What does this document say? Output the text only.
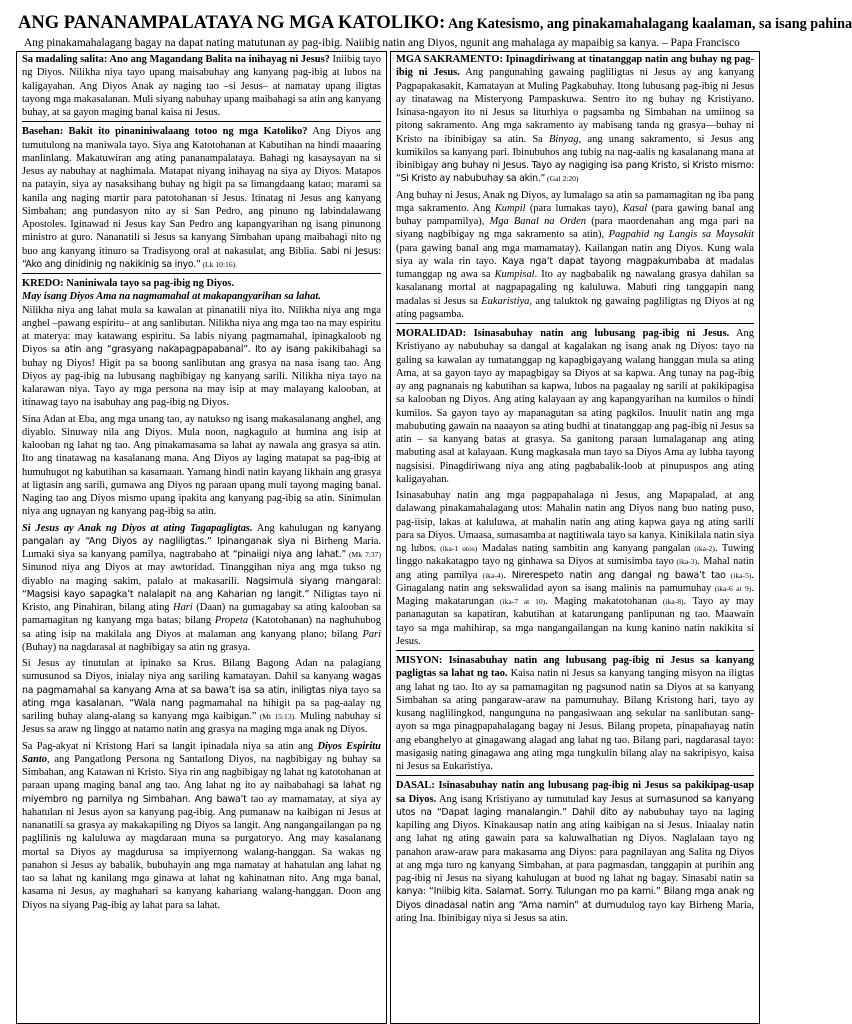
ANG PANANAMPALATAYA NG MGA KATOLIKO: Ang Katesismo, ang pinakamahalagang kaalaman, sa isang pahina
Ang pinakamahalagang bagay na dapat nating matutunan ay pag-ibig. Naiibig natin ang Diyos, ngunit ang mahalaga ay mapaibig sa kanya. – Papa Francisco

Sa madaling salita: Ano ang Magandang Balita na inihayag ni Jesus? Iniibig tayo ng Diyos. Nilikha niya tayo upang maisabuhay ang kanyang pag-ibig at lubos na kaligayahan. Ang Diyos Anak ay naging tao –si Jesus– at namatay upang iligtas tayong mga makasalanan. Muli siyang nabuhay upang maibahagi sa atin ang kanyang buhay, at sa gayon maging banal kaisa ni Jesus.

Basehan: Bakit ito pinaniniwalaang totoo ng mga Katoliko? Ang Diyos ang tumutulong na maniwala tayo. Siya ang Katotohanan at Kabutihan na hindi maaaring manlinlang. Makatuwiran ang ating pananampalataya. Bahagi ng kasaysayan na si Jesus ay nabuhay at naghimala. Matapat niyang inihayag na siya ay Diyos. Matapos na patayin, siya ay nasaksihang buhay ng higit pa sa limangdaang katao; marami sa kanila ang naging martir para patotohanan si Jesus. Itinatag ni Jesus ang kanyang Simbahan; ang pundasyon nito ay si San Pedro, ang pinuno ng labindalawang Apostoles. Iginawad ni Jesus kay San Pedro ang kapangyarihan ng isang pinunong ministro at guro. Nananatili si Jesus sa kanyang Simbahan upang maibahagi nito ng buo ang kanyang itinuro sa Tradisyong oral at nakasulat, ang Biblia. Sabi ni Jesus: “Ako ang dinidinig ng nakikinig sa inyo.” (Lk 10:16).

KREDO: Naniniwala tayo sa pag-ibig ng Diyos.
May isang Diyos Ama na nagmamahal at makapangyarihan sa lahat.
Nilikha niya ang lahat mula sa kawalan at pinanatili niya ito. Nilikha niya ang mga anghel –pawang espiritu– at ang sanlibutan. Nilikha niya ang mga tao na may espiritu at materya: may katawang espiritu. Sa labis niyang pagmamahal, ipinagkaloob ng Diyos sa atin ang “grasyang nakapagpapabanal”. Ito ay isang pakikibahagi sa buhay ng Diyos! Higit pa sa buong sanlibutan ang grasya na nasa isang tao. Ang Diyos ay pag-ibig na lubusang nagbibigay ng kanyang sarili. Nilikha niya tayo na kalarawan niya. Tayo ay mga persona na may isip at may malayang kalooban, at itinawag tayo na isabuhay ang pag-ibig ng Diyos.

Sina Adan at Eba, ang mga unang tao, ay natukso ng isang makasalanang anghel, ang diyablo. Sinuway nila ang Diyos. Mula noon, nagkagulo at humina ang isip at kalooban ng lahat ng tao. Ang pinakamasama sa lahat ay nawala ang grasya sa atin. Ito ang tinatawag na kasalanang mana. Ang Diyos ay laging matapat sa pag-ibig at humuhugot ng kabutihan sa kasamaan. Yamang hindi natin kayang likhain ang grasya at ligtasin ang sarili, gumawa ang Diyos ng paraan upang muli tayong maging banal. Naging tao ang Diyos mismo upang ipakita ang kanyang pag-ibig sa atin. Sinimulan niya ang ugnayan ng kanyang pag-ibig sa atin.

Si Jesus ay Anak ng Diyos at ating Tagapagligtas. Ang kahulugan ng kanyang pangalan ay “Ang Diyos ay nagliligtas.” Ipinanganak siya ni Birheng Maria. Lumaki siya sa kanyang pamilya, nagtrabaho at “pinaiigi niya ang lahat.” (Mk 7:37) Sinunod niya ang Diyos at may awtoridad. Tinanggihan niya ang mga tukso ng diyablo na maging sakim, palalo at makasarili. Nagsimula siyang mangaral: “Magsisi kayo sapagka’t nalalapit na ang Kaharian ng langit.” Niligtas tayo ni Kristo, ang Pinahiran, bilang ating Hari (Daan) na gumagabay sa ating kalooban sa pamamagitan ng kanyang mga batas; bilang Propeta (Katotohanan) na naghuhubog sa ating isip na makilala ang Diyos at malaman ang kanyang plano; bilang Pari (Buhay) na nagdarasal at nagbibigay sa atin ng grasya.

Si Jesus ay tinutulan at ipinako sa Krus. Bilang Bagong Adan na palagiang sumusunod sa Diyos, inialay niya ang sariling kamatayan. Dahil sa kanyang wagas na pagmamahal sa kanyang Ama at sa bawa’t isa sa atin, iniligtas niya tayo sa ating mga kasalanan. “Wala nang pagmamahal na hihigit pa sa pag-aalay ng sariling buhay alang-alang sa kanyang mga kaibigan.” (Mt 15:13). Muling nabuhay si Jesus sa araw ng linggo at natamo natin ang grasya na maging mga anak ng Diyos.

Sa Pag-akyat ni Kristong Hari sa langit ipinadala niya sa atin ang Diyos Espiritu Santo, ang Pangatlong Persona ng Santatlong Diyos, na nagbibigay ng buhay sa Simbahan, ang Katawan ni Kristo. Siya rin ang nagbibigay ng lahat ng katotohanan at paraan upang maging banal ang tao. Ang lahat ng ito ay naibabahagi sa lahat ng miyembro ng pamilya ng Simbahan. Ang bawa’t tao ay mamamatay, at siya ay hahatulan ni Jesus ayon sa kanyang pag-ibig. Ang pumanaw na kaibigan ni Jesus at nananatili sa grasya ay makakapiling ng Diyos sa langit. Ang nangangailangan pa ng paglilinis ng kaluluwa ay magdaraan muna sa purgatoryo. Ang may kasalanang mortal sa Diyos ay magdurusa sa impiyernong walang-hanggan. Sa wakas ng panahon si Jesus ay babalik, bubuhayin ang mga namatay at hahatulan ang lahat ng tao sa lahat ng kanilang mga ginawa at lahat ng kahinatnan nito. Ang mga banal, kasama ni Jesus, ay maghahari sa kanyang kahariang walang-hanggan. Doon ang Diyos na siyang Pag-ibig ay lahat para sa lahat.

MGA SAKRAMENTO: Ipinagdiriwang at tinatanggap natin ang buhay ng pag-ibig ni Jesus. Ang pangunahing gawaing pagliligtas ni Jesus ay ang kanyang Pagpapakasakit, Kamatayan at Muling Pagkabuhay. Itong lubusang pag-ibig ni Jesus ay tinatawag na Misteryong Pampaskuwa. Sentro ito ng buhay ng Kristiyano. Isinasa-ngayon ito ni Jesus sa liturhiya o pagsamba ng Simbahan na umiinog sa pitong sakramento. Ang mga sakramento ay mabisang tanda ng grasya—buhay ni Kristo na ibinibigay sa atin. Sa Binyag, ang unang sakramento, si Jesus ang kumikilos sa kanyang pari. Ibinubuhos ang tubig na nag-aalis ng kasalanang mana at ibinibigay ang buhay ni Jesus. Tayo ay nagiging isa pang Kristo, si Kristo mismo: “Si Kristo ay nabubuhay sa akin.” (Gal 2:20)

Ang buhay ni Jesus, Anak ng Diyos, ay lumalago sa atin sa pamamagitan ng iba pang mga sakramento. Ang Kumpil (para lumakas tayo), Kasal (para gawing banal ang buhay pampamilya), Mga Banal na Orden (para maordenahan ang mga pari na siyang nagbibigay ng mga sakramento sa atin), Pagpahid ng Langis sa Maysakit (para gawing banal ang mga mamamatay). Kailangan natin ang Diyos. Kung wala siya ay wala rin tayo. Kaya nga’t dapat tayong magpakumbaba at madalas tumanggap ng awa sa Kumpisal. Ito ay nagbabalik ng nawalang grasya dahilan sa kasalanang mortal at nagpapagaling ng kaluluwa. Mabuti ring tanggapin nang madalas si Jesus sa Eukaristiya, ang taluktok ng gawaing pagliligtas ng Diyos at ng ating pagsamba.

MORALIDAD: Isinasabuhay natin ang lubusang pag-ibig ni Jesus. Ang Kristiyano ay nabubuhay sa dangal at kagalakan ng isang anak ng Diyos: tayo na galing sa kawalan ay tumatanggap ng kapagbigayang walang hanggan mula sa ating Ama, at sa gayon tayo ay mapagbigay sa Diyos at sa kapwa. Ang tunay na pag-ibig ay ang pagnanais ng kabutihan sa kapwa, lubos na pagaalay ng sarili at pakikipagisa sa kalooban ng Diyos. Ang ating kalayaan ay ang kapangyarihan na kumilos o hindi kumilos. Sa gayon tayo ay mapanagutan sa ating pagkilos. Inuulit natin ang mga mabubuting gawain na naaayon sa ating budhi at tinatanggap ang pag-ibig ni Jesus sa atin – sa kanyang batas at grasya. Sa ganitong paraan lumalaganap ang ating mabuting asal at kalayaan. Kung magkasala man tayo sa Diyos Ama ay lubha tayong nagsisisi. Pinagdiriwang niya ang ating pagbabalik-loob at pinupuspos ang ating kaligayahan.

Isinasabuhay natin ang mga pagpapahalaga ni Jesus, ang Mapapalad, at ang dalawang pinakamahalagang utos: Mahalin natin ang Diyos nang buo nating puso, pag-iisip, lakas at kaluluwa, at mahalin natin ang ating kapwa gaya ng ating sarili para sa Diyos. Umaasa, sumasamba at nagtitiwala tayo sa kanya. Kinikilala natin siya ng lubos. (ika-1 utos) Madalas nating sambitin ang kanyang pangalan (ika-2). Tuwing linggo nakakatagpo tayo ng ginhawa sa Diyos at sumisimba tayo (ika-3). Mahal natin ang ating pamilya (ika-4). Nirerespeto natin ang dangal ng bawa’t tao (ika-5). Ginagalang natin ang sekswalidad ayon sa isang malinis na pamumuhay (ika-6 at 9). Maging makatarungan (ika-7 at 10). Maging makatotohanan (ika-8). Tayo ay may pananagutan sa kapatiran, kabutihan at katarungang panlipunan ng tao. Maawain tayo sa mga mahihirap, sa mga nangangailangan na kung kanino natin nakikita si Jesus.

MISYON: Isinasabuhay natin ang lubusang pag-ibig ni Jesus sa kanyang pagligtas sa lahat ng tao. Kaisa natin ni Jesus sa kanyang tanging misyon na iligtas ang lahat ng tao. Ito ay sa pamamagitan ng pagsunod natin sa Diyos at sa kanyang Simbahan sa ating pangaraw-araw na pamumuhay. Bilang Kristong hari, tayo ay kusang naglilingkod, nangunguna na pangasiwaan ang sekular na sanlibutan sang-ayon sa mga pinagpapahalagang bagay ni Jesus. Bilang propeta, pinapahayag natin ang ebanghelyo at ginagawang alagad ang lahat ng tao. Bilang pari, nagdarasal tayo: masigasig nating ginagawa ang ating mga tungkulin bilang alay na sakripisyo, kaisa ni Jesus sa Eukaristiya.

DASAL: Isinasabuhay natin ang lubusang pag-ibig ni Jesus sa pakikipag-usap sa Diyos. Ang isang Kristiyano ay tumutulad kay Jesus at sumasunod sa kanyang utos na “Dapat laging manalangin.” Dahil dito ay nabubuhay tayo na laging kapiling ang Diyos. Kinakausap natin ang ating kaibigan na si Jesus. Iniaalay natin ang lahat ng ating gawain para sa kaluwalhatian ng Diyos. Naglalaan tayo ng panahon araw-araw para makasama ang Diyos: para pagnilayan ang Salita ng Diyos at ang mga turo ng kanyang Simbahan, at para pagmasdan, tanggapin at purihin ang pag-ibig ni Jesus na siyang kahulugan at buod ng lahat ng bagay. Sinasabi natin sa kanya: “Iniibig kita. Salamat. Sorry. Tulungan mo pa kami.” Bilang mga anak ng Diyos dinadasal natin ang “Ama namin” at dumudulog tayo kay Birheng Maria, ating Ina. Ibinibigay niya si Jesus sa atin.
